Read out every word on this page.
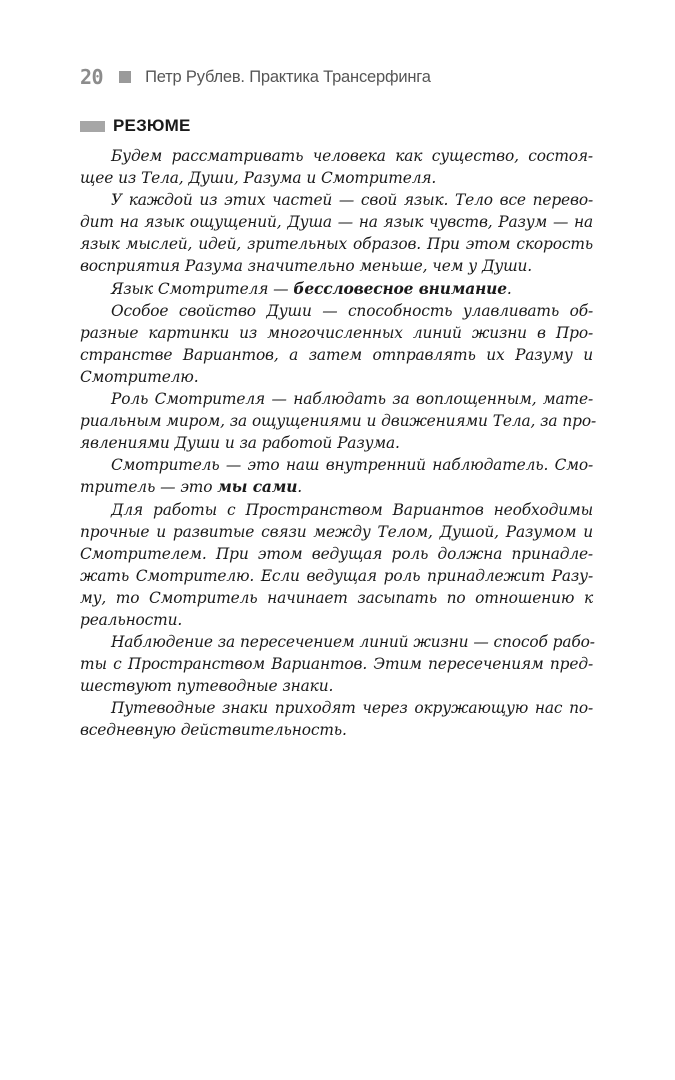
20	Петр Рублев. Практика Трансерфинга
РЕЗЮМЕ

Будем рассматривать человека как существо, состоя-
щее из Тела, Души, Разума и Смотрителя.

У каждой из этих частей — свой язык. Тело все перево-
дит на язык ощущений, Душа — на язык чувств, Разум — на
язык мыслей, идей, зрительных образов. При этом скорость
восприятия Разума значительно меньше, чем у Души.

Язык Смотрителя — бессловесное внимание.

Особое свойство Души — способность улавливать об-
разные картинки из многочисленных линий жизни в Про-
странстве Вариантов, а затем отправлять их Разуму и
Смотрителю.

Роль Смотрителя — наблюдать за воплощенным, мате-
риальным миром, за ощущениями и движениями Тела, за про-
явлениями Души и за работой Разума.

Смотритель — это наш внутренний наблюдатель. Смо-
тритель — это мы сами.

Для работы с Пространством Вариантов необходимы
прочные и развитые связи между Телом, Душой, Разумом и
Смотрителем. При этом ведущая роль должна принадле-
жать Смотрителю. Если ведущая роль принадлежит Разу-
му, то Смотритель начинает засыпать по отношению к
реальности.

Наблюдение за пересечением линий жизни — способ рабо-
ты с Пространством Вариантов. Этим пересечениям пред-
шествуют путеводные знаки.

Путеводные знаки приходят через окружающую нас по-
вседневную действительность.
